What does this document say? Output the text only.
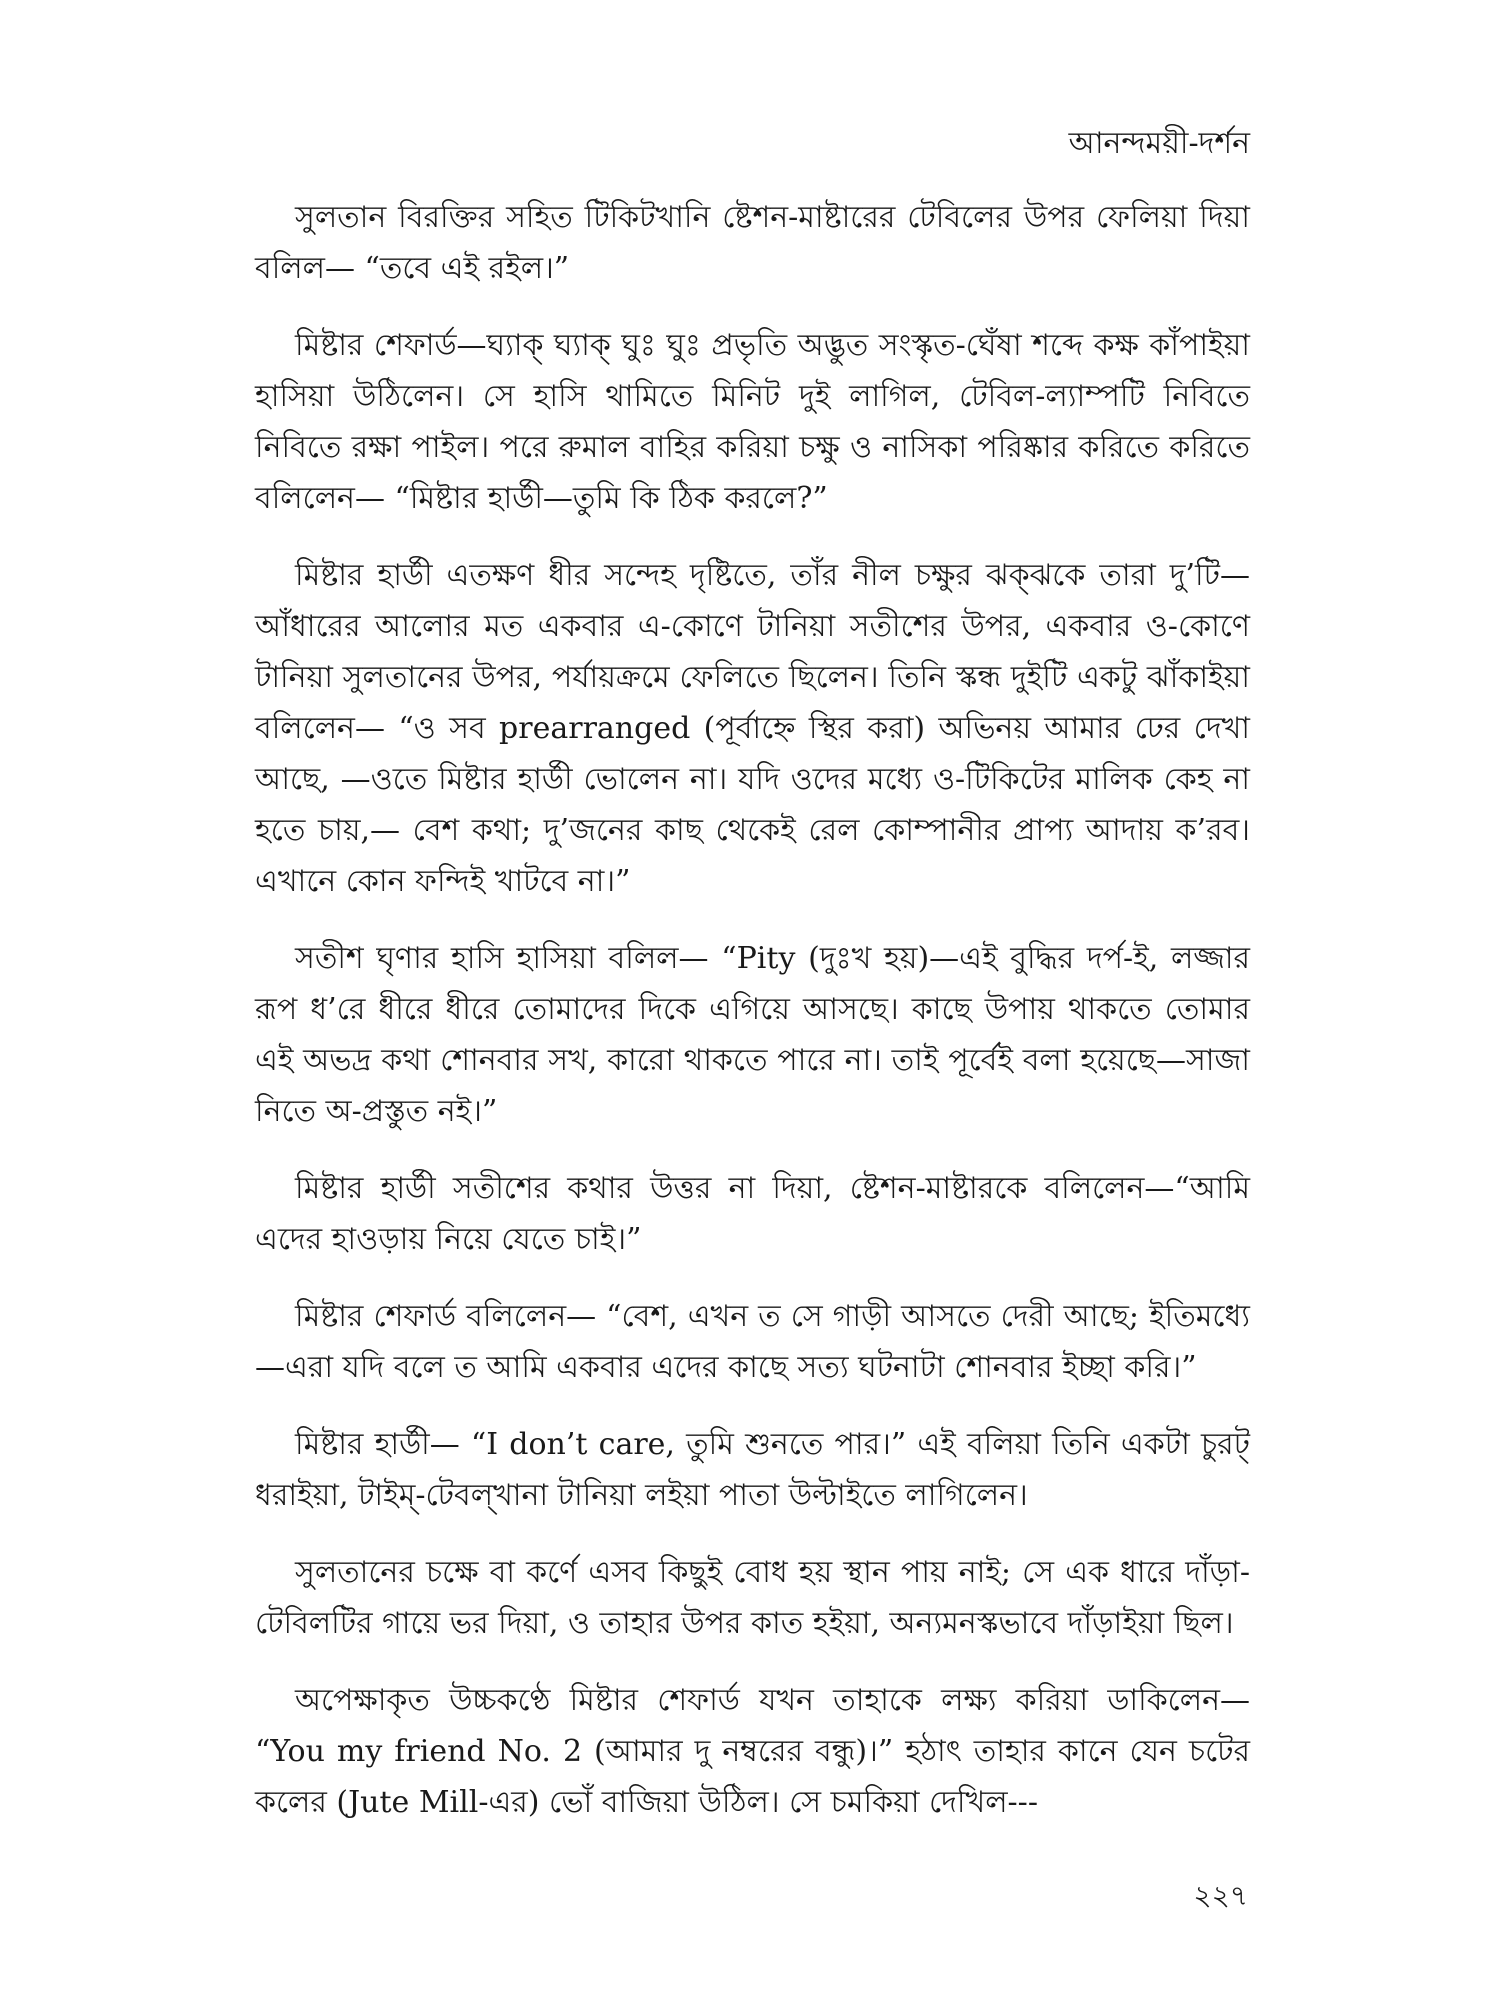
আনন্দময়ী-দর্শন

সুলতান বিরক্তির সহিত টিকিটখানি ষ্টেশন-মাষ্টারের টেবিলের উপর ফেলিয়া দিয়া বলিল— “তবে এই রইল।”

মিষ্টার শেফার্ড—ঘ্যাক্ ঘ্যাক্ ঘুঃ ঘুঃ প্রভৃতি অদ্ভুত সংস্কৃত-ঘেঁষা শব্দে কক্ষ কাঁপাইয়া হাসিয়া উঠিলেন। সে হাসি থামিতে মিনিট দুই লাগিল, টেবিল-ল্যাম্পটি নিবিতে নিবিতে রক্ষা পাইল। পরে রুমাল বাহির করিয়া চক্ষু ও নাসিকা পরিষ্কার করিতে করিতে বলিলেন— “মিষ্টার হার্ডী—তুমি কি ঠিক করলে?”

মিষ্টার হার্ডী এতক্ষণ ধীর সন্দেহ দৃষ্টিতে, তাঁর নীল চক্ষুর ঝক্ঝকে তারা দু’টি—আঁধারের আলোর মত একবার এ-কোণে টানিয়া সতীশের উপর, একবার ও-কোণে টানিয়া সুলতানের উপর, পর্যায়ক্রমে ফেলিতে ছিলেন। তিনি স্কন্ধ দুইটি একটু ঝাঁকাইয়া বলিলেন— “ও সব prearranged (পূর্বাহ্নে স্থির করা) অভিনয় আমার ঢের দেখা আছে, —ওতে মিষ্টার হার্ডী ভোলেন না। যদি ওদের মধ্যে ও-টিকিটের মালিক কেহ না হতে চায়,— বেশ কথা; দু’জনের কাছ থেকেই রেল কোম্পানীর প্রাপ্য আদায় ক’রব। এখানে কোন ফন্দিই খাটবে না।”

সতীশ ঘৃণার হাসি হাসিয়া বলিল— “Pity (দুঃখ হয়)—এই বুদ্ধির দর্প-ই, লজ্জার রূপ ধ’রে ধীরে ধীরে তোমাদের দিকে এগিয়ে আসছে। কাছে উপায় থাকতে তোমার এই অভদ্র কথা শোনবার সখ, কারো থাকতে পারে না। তাই পূর্বেই বলা হয়েছে—সাজা নিতে অ-প্রস্তুত নই।”

মিষ্টার হার্ডী সতীশের কথার উত্তর না দিয়া, ষ্টেশন-মাষ্টারকে বলিলেন—“আমি এদের হাওড়ায় নিয়ে যেতে চাই।”

মিষ্টার শেফার্ড বলিলেন— “বেশ, এখন ত সে গাড়ী আসতে দেরী আছে; ইতিমধ্যে—এরা যদি বলে ত আমি একবার এদের কাছে সত্য ঘটনাটা শোনবার ইচ্ছা করি।”

মিষ্টার হার্ডী— “I don’t care, তুমি শুনতে পার।” এই বলিয়া তিনি একটা চুরট্ ধরাইয়া, টাইম্-টেবল্খানা টানিয়া লইয়া পাতা উল্টাইতে লাগিলেন।

সুলতানের চক্ষে বা কর্ণে এসব কিছুই বোধ হয় স্থান পায় নাই; সে এক ধারে দাঁড়া-টেবিলটির গায়ে ভর দিয়া, ও তাহার উপর কাত হইয়া, অন্যমনস্কভাবে দাঁড়াইয়া ছিল।

অপেক্ষাকৃত উচ্চকণ্ঠে মিষ্টার শেফার্ড যখন তাহাকে লক্ষ্য করিয়া ডাকিলেন— “You my friend No. 2 (আমার দু নম্বরের বন্ধু)।” হঠাৎ তাহার কানে যেন চটের কলের (Jute Mill-এর) ভোঁ বাজিয়া উঠিল। সে চমকিয়া দেখিল---

২২৭
